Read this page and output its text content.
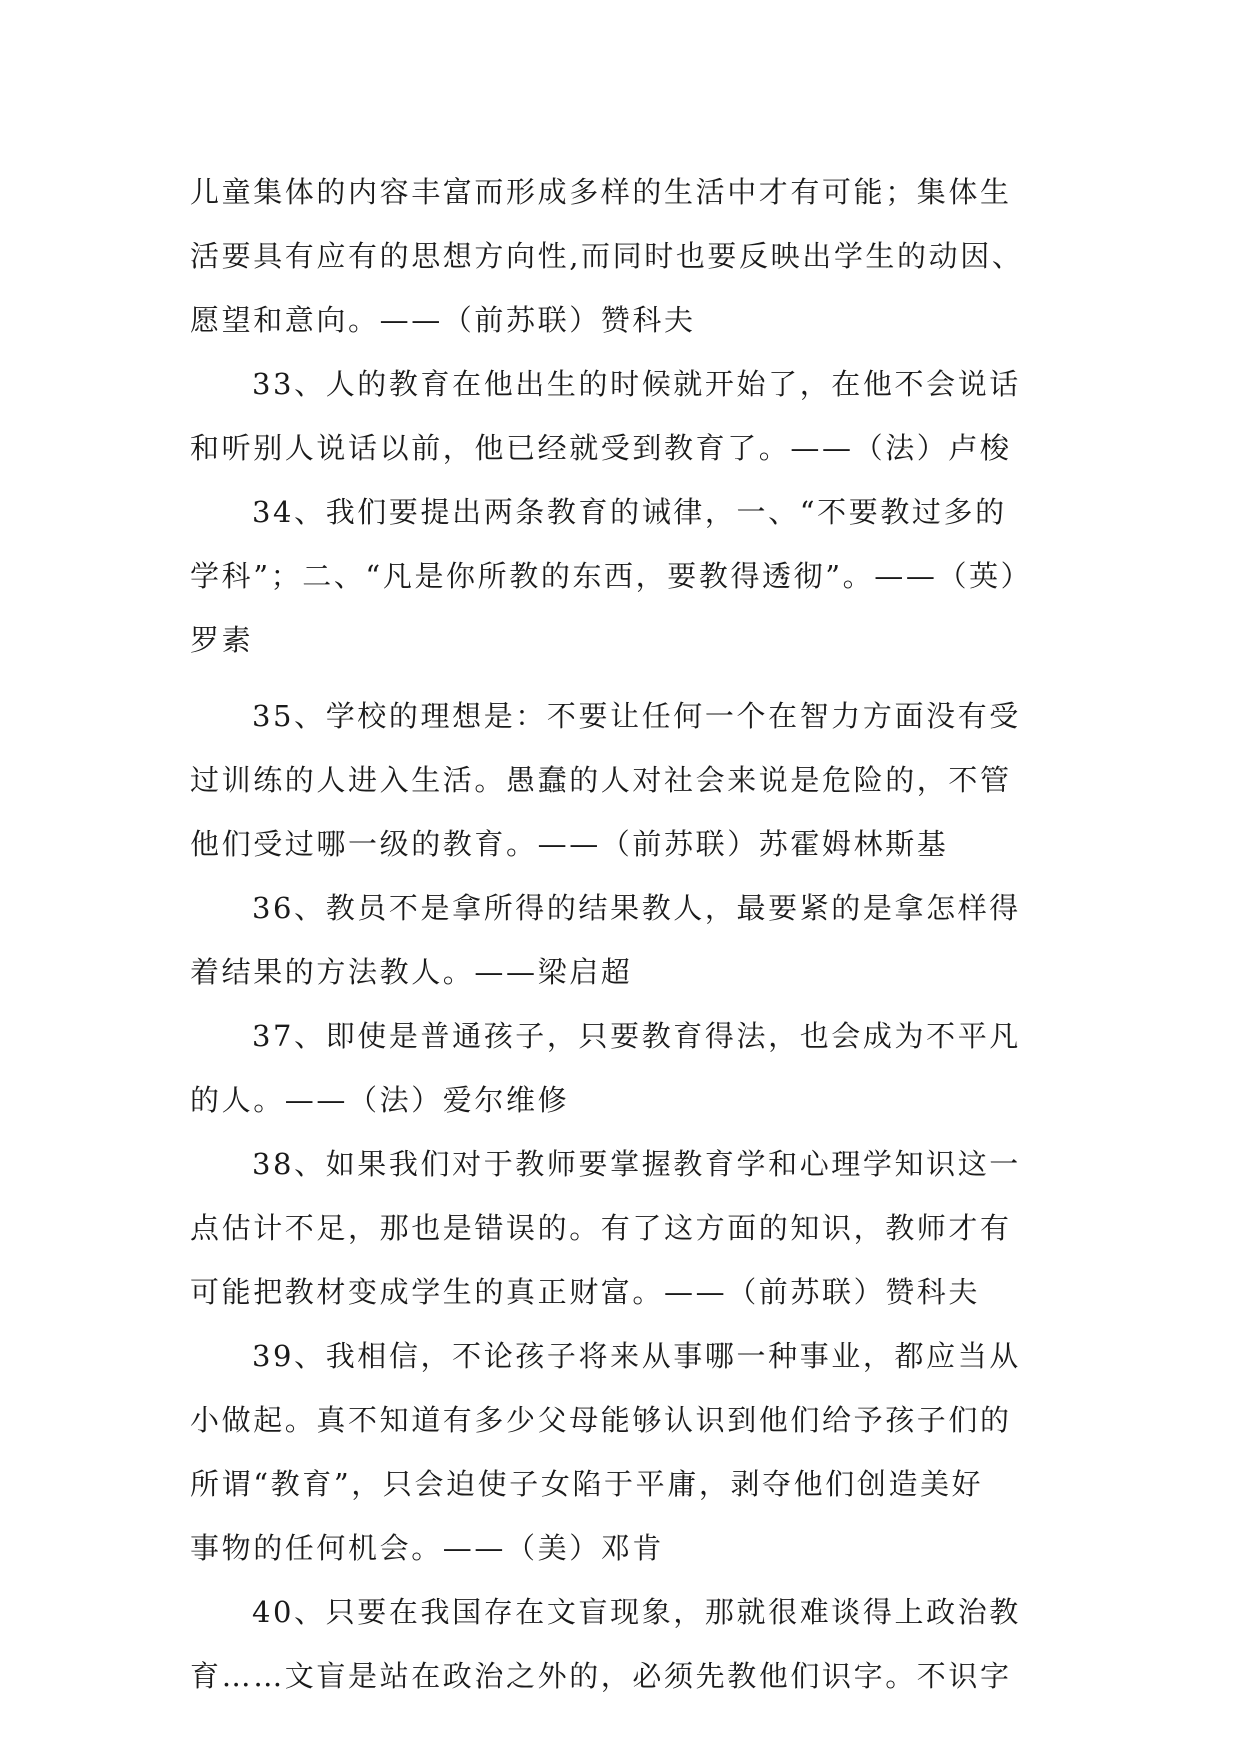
儿童集体的内容丰富而形成多样的生活中才有可能；集体生
活要具有应有的思想方向性,而同时也要反映出学生的动因、
愿望和意向。——（前苏联）赞科夫
33、人的教育在他出生的时候就开始了，在他不会说话
和听别人说话以前，他已经就受到教育了。——（法）卢梭
34、我们要提出两条教育的诫律，一、“不要教过多的
学科”；二、“凡是你所教的东西，要教得透彻”。——（英）
罗素
35、学校的理想是：不要让任何一个在智力方面没有受
过训练的人进入生活。愚蠢的人对社会来说是危险的，不管
他们受过哪一级的教育。——（前苏联）苏霍姆林斯基
36、教员不是拿所得的结果教人，最要紧的是拿怎样得
着结果的方法教人。——梁启超
37、即使是普通孩子，只要教育得法，也会成为不平凡
的人。——（法）爱尔维修
38、如果我们对于教师要掌握教育学和心理学知识这一
点估计不足，那也是错误的。有了这方面的知识，教师才有
可能把教材变成学生的真正财富。——（前苏联）赞科夫
39、我相信，不论孩子将来从事哪一种事业，都应当从
小做起。真不知道有多少父母能够认识到他们给予孩子们的
所谓“教育”，只会迫使子女陷于平庸，剥夺他们创造美好
事物的任何机会。——（美）邓肯
40、只要在我国存在文盲现象，那就很难谈得上政治教
育……文盲是站在政治之外的，必须先教他们识字。不识字
